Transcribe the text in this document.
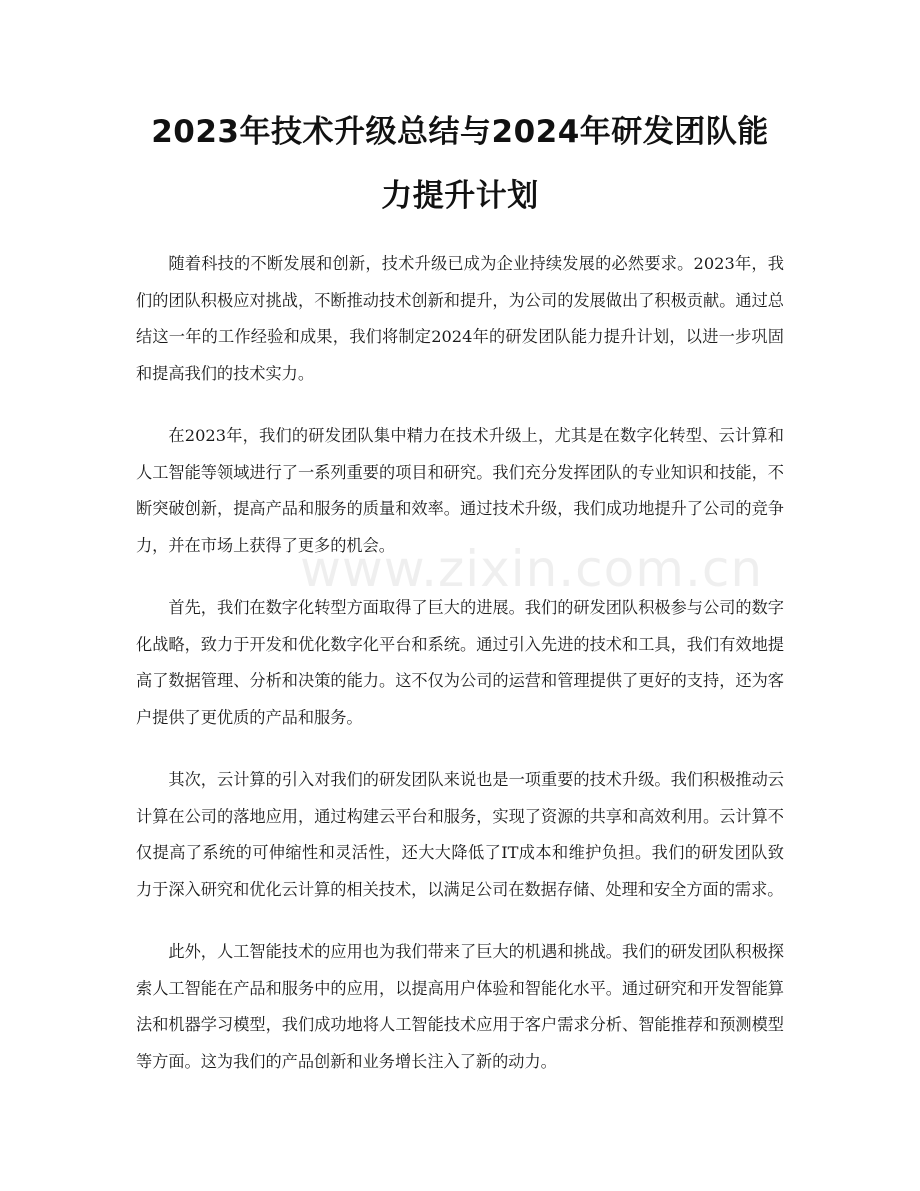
2023年技术升级总结与2024年研发团队能力提升计划

随着科技的不断发展和创新，技术升级已成为企业持续发展的必然要求。2023年，我们的团队积极应对挑战，不断推动技术创新和提升，为公司的发展做出了积极贡献。通过总结这一年的工作经验和成果，我们将制定2024年的研发团队能力提升计划，以进一步巩固和提高我们的技术实力。

在2023年，我们的研发团队集中精力在技术升级上，尤其是在数字化转型、云计算和人工智能等领域进行了一系列重要的项目和研究。我们充分发挥团队的专业知识和技能，不断突破创新，提高产品和服务的质量和效率。通过技术升级，我们成功地提升了公司的竞争力，并在市场上获得了更多的机会。

首先，我们在数字化转型方面取得了巨大的进展。我们的研发团队积极参与公司的数字化战略，致力于开发和优化数字化平台和系统。通过引入先进的技术和工具，我们有效地提高了数据管理、分析和决策的能力。这不仅为公司的运营和管理提供了更好的支持，还为客户提供了更优质的产品和服务。

其次，云计算的引入对我们的研发团队来说也是一项重要的技术升级。我们积极推动云计算在公司的落地应用，通过构建云平台和服务，实现了资源的共享和高效利用。云计算不仅提高了系统的可伸缩性和灵活性，还大大降低了IT成本和维护负担。我们的研发团队致力于深入研究和优化云计算的相关技术，以满足公司在数据存储、处理和安全方面的需求。

此外，人工智能技术的应用也为我们带来了巨大的机遇和挑战。我们的研发团队积极探索人工智能在产品和服务中的应用，以提高用户体验和智能化水平。通过研究和开发智能算法和机器学习模型，我们成功地将人工智能技术应用于客户需求分析、智能推荐和预测模型等方面。这为我们的产品创新和业务增长注入了新的动力。

www.zixin.com.cn
